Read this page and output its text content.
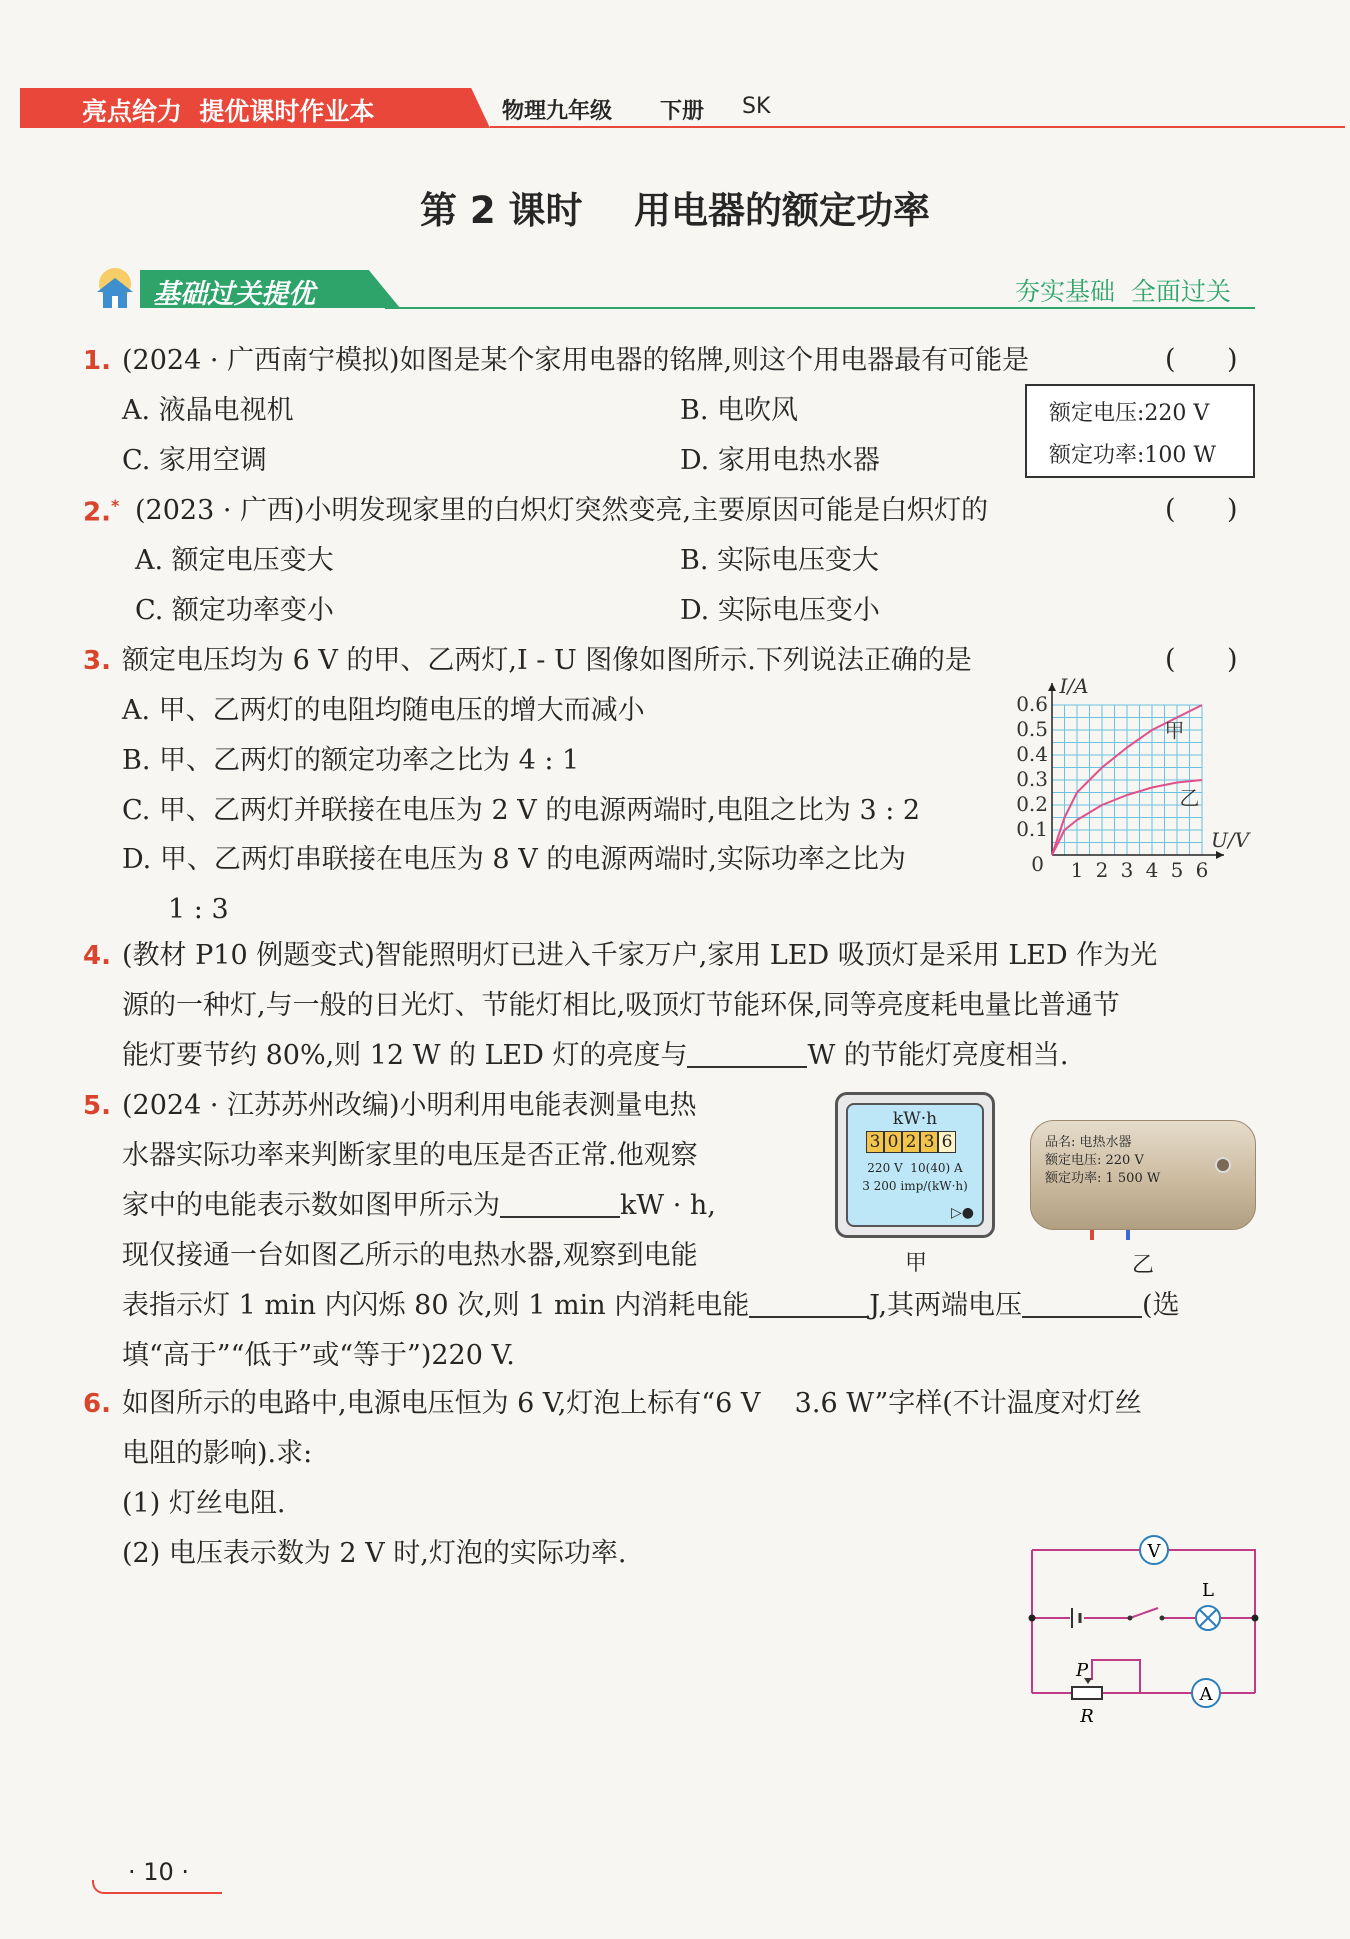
亮点给力  提优课时作业本	物理九年级 下册 SK
第 2 课时    用电器的额定功率
基础过关提优	夯实基础  全面过关
1. (2024 · 广西南宁模拟)如图是某个家用电器的铭牌,则这个用电器最有可能是	(      )
A. 液晶电视机	B. 电吹风
C. 家用空调	D. 家用电热水器
额定电压:220 V
额定功率:100 W
2.* (2023 · 广西)小明发现家里的白炽灯突然变亮,主要原因可能是白炽灯的	(      )
A. 额定电压变大	B. 实际电压变大
C. 额定功率变小	D. 实际电压变小
3. 额定电压均为 6 V 的甲、乙两灯,I - U 图像如图所示.下列说法正确的是	(      )
A. 甲、乙两灯的电阻均随电压的增大而减小
B. 甲、乙两灯的额定功率之比为 4 : 1
C. 甲、乙两灯并联接在电压为 2 V 的电源两端时,电阻之比为 3 : 2
D. 甲、乙两灯串联接在电压为 8 V 的电源两端时,实际功率之比为
1 : 3
1 2 3 4 5 6
0.1
0.2
0.3
0.4
0.5
0.6
0
U/V
I/A
甲
乙
4. (教材 P10 例题变式)智能照明灯已进入千家万户,家用 LED 吸顶灯是采用 LED 作为光
源的一种灯,与一般的日光灯、节能灯相比,吸顶灯节能环保,同等亮度耗电量比普通节
能灯要节约 80%,则 12 W 的 LED 灯的亮度与	W 的节能灯亮度相当.
5. (2024 · 江苏苏州改编)小明利用电能表测量电热
水器实际功率来判断家里的电压是否正常.他观察
家中的电能表示数如图甲所示为	kW · h,
现仅接通一台如图乙所示的电热水器,观察到电能
表指示灯 1 min 内闪烁 80 次,则 1 min 内消耗电能	J,其两端电压	(选
填“高于”“低于”或“等于”)220 V.
kW·h
3 0 2 3 6
220 V  10(40) A
3 200 imp/(kW·h)
▷●
甲
品名: 电热水器
额定电压: 220 V
额定功率: 1 500 W
乙
6. 如图所示的电路中,电源电压恒为 6 V,灯泡上标有“6 V    3.6 W”字样(不计温度对灯丝
电阻的影响).求:
(1) 灯丝电阻.
(2) 电压表示数为 2 V 时,灯泡的实际功率.	V
L
A
P
R
· 10 ·
